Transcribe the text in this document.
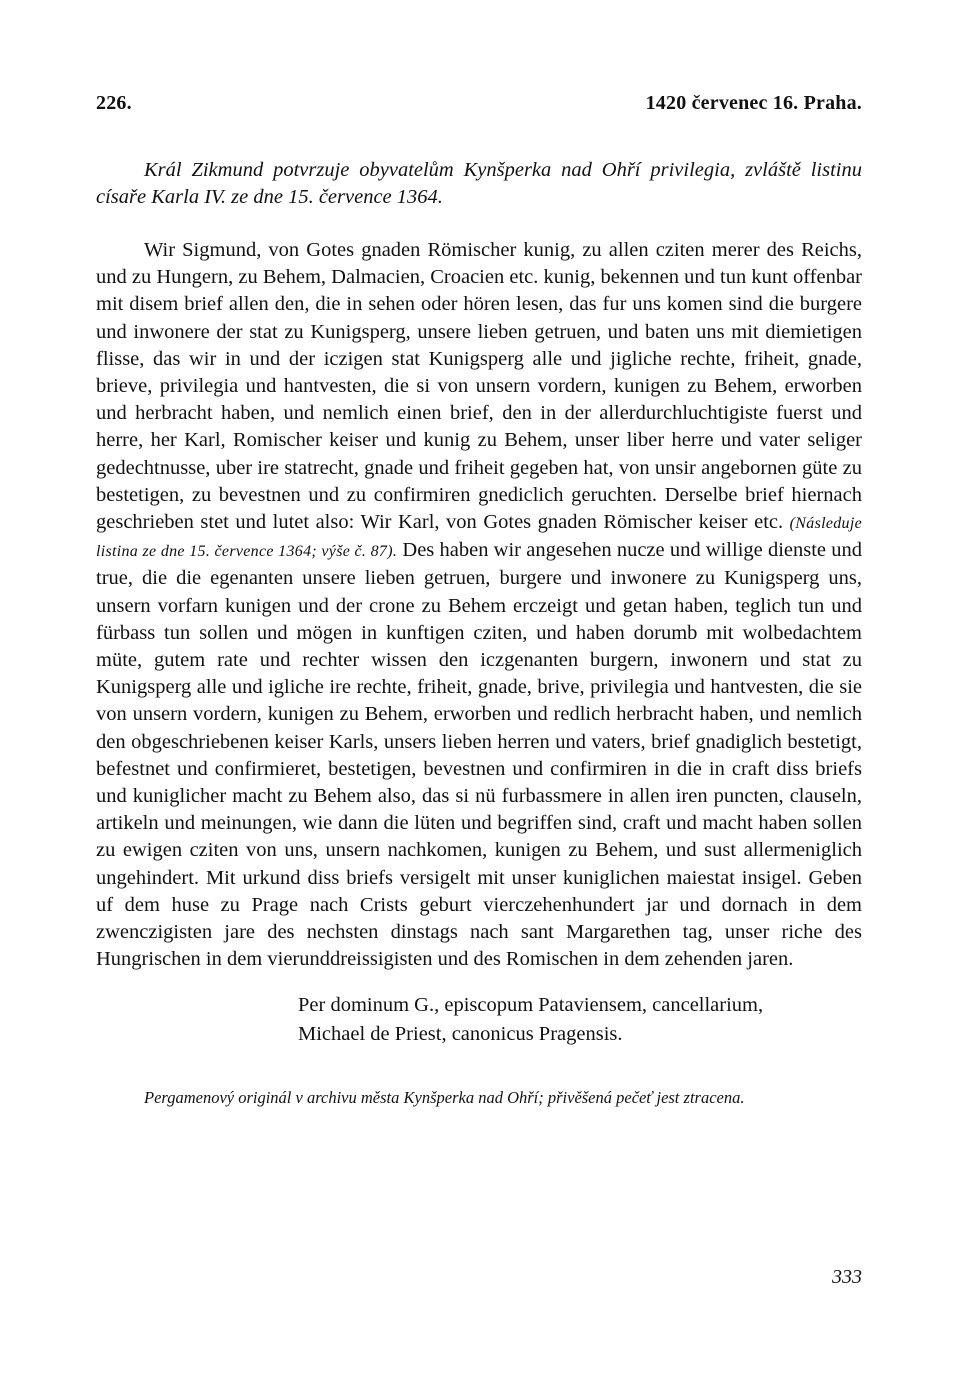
226.	1420 červenec 16. Praha.

Král Zikmund potvrzuje obyvatelům Kynšperka nad Ohří privilegia, zvláště listinu císaře Karla IV. ze dne 15. července 1364.

Wir Sigmund, von Gotes gnaden Römischer kunig, zu allen cziten merer des Reichs, und zu Hungern, zu Behem, Dalmacien, Croacien etc. kunig, bekennen und tun kunt offenbar mit disem brief allen den, die in sehen oder hören lesen, das fur uns komen sind die burgere und inwonere der stat zu Kunigsperg, unsere lieben getruen, und baten uns mit diemietigen flisse, das wir in und der iczigen stat Kunigsperg alle und jigliche rechte, friheit, gnade, brieve, privilegia und hantvesten, die si von unsern vordern, kunigen zu Behem, erworben und herbracht haben, und nemlich einen brief, den in der allerdurchluchtigiste fuerst und herre, her Karl, Romischer keiser und kunig zu Behem, unser liber herre und vater seliger gedechtnusse, uber ire statrecht, gnade und friheit gegeben hat, von unsir angebornen güte zu bestetigen, zu bevestnen und zu confirmiren gnediclich geruchten. Derselbe brief hiernach geschrieben stet und lutet also: Wir Karl, von Gotes gnaden Römischer keiser etc. (Následuje listina ze dne 15. července 1364; výše č. 87). Des haben wir angesehen nucze und willige dienste und true, die die egenanten unsere lieben getruen, burgere und inwonere zu Kunigsperg uns, unsern vorfarn kunigen und der crone zu Behem erczeigt und getan haben, teglich tun und fürbass tun sollen und mögen in kunftigen cziten, und haben dorumb mit wolbedachtem müte, gutem rate und rechter wissen den iczgenanten burgern, inwonern und stat zu Kunigsperg alle und igliche ire rechte, friheit, gnade, brive, privilegia und hantvesten, die sie von unsern vordern, kunigen zu Behem, erworben und redlich herbracht haben, und nemlich den obgeschriebenen keiser Karls, unsers lieben herren und vaters, brief gnadiglich bestetigt, befestnet und confirmieret, bestetigen, bevestnen und confirmiren in die in craft diss briefs und kuniglicher macht zu Behem also, das si nü furbassmere in allen iren puncten, clauseln, artikeln und meinungen, wie dann die lüten und begriffen sind, craft und macht haben sollen zu ewigen cziten von uns, unsern nachkomen, kunigen zu Behem, und sust allermeniglich ungehindert. Mit urkund diss briefs versigelt mit unser kuniglichen maiestat insigel. Geben uf dem huse zu Prage nach Crists geburt vierczehenhundert jar und dornach in dem zwenczigisten jare des nechsten dinstags nach sant Margarethen tag, unser riche des Hungrischen in dem vierunddreissigisten und des Romischen in dem zehenden jaren.

Per dominum G., episcopum Pataviensem, cancellarium,
Michael de Priest, canonicus Pragensis.

Pergamenový originál v archivu města Kynšperka nad Ohří; přivěšená pečeť jest ztracena.

333
